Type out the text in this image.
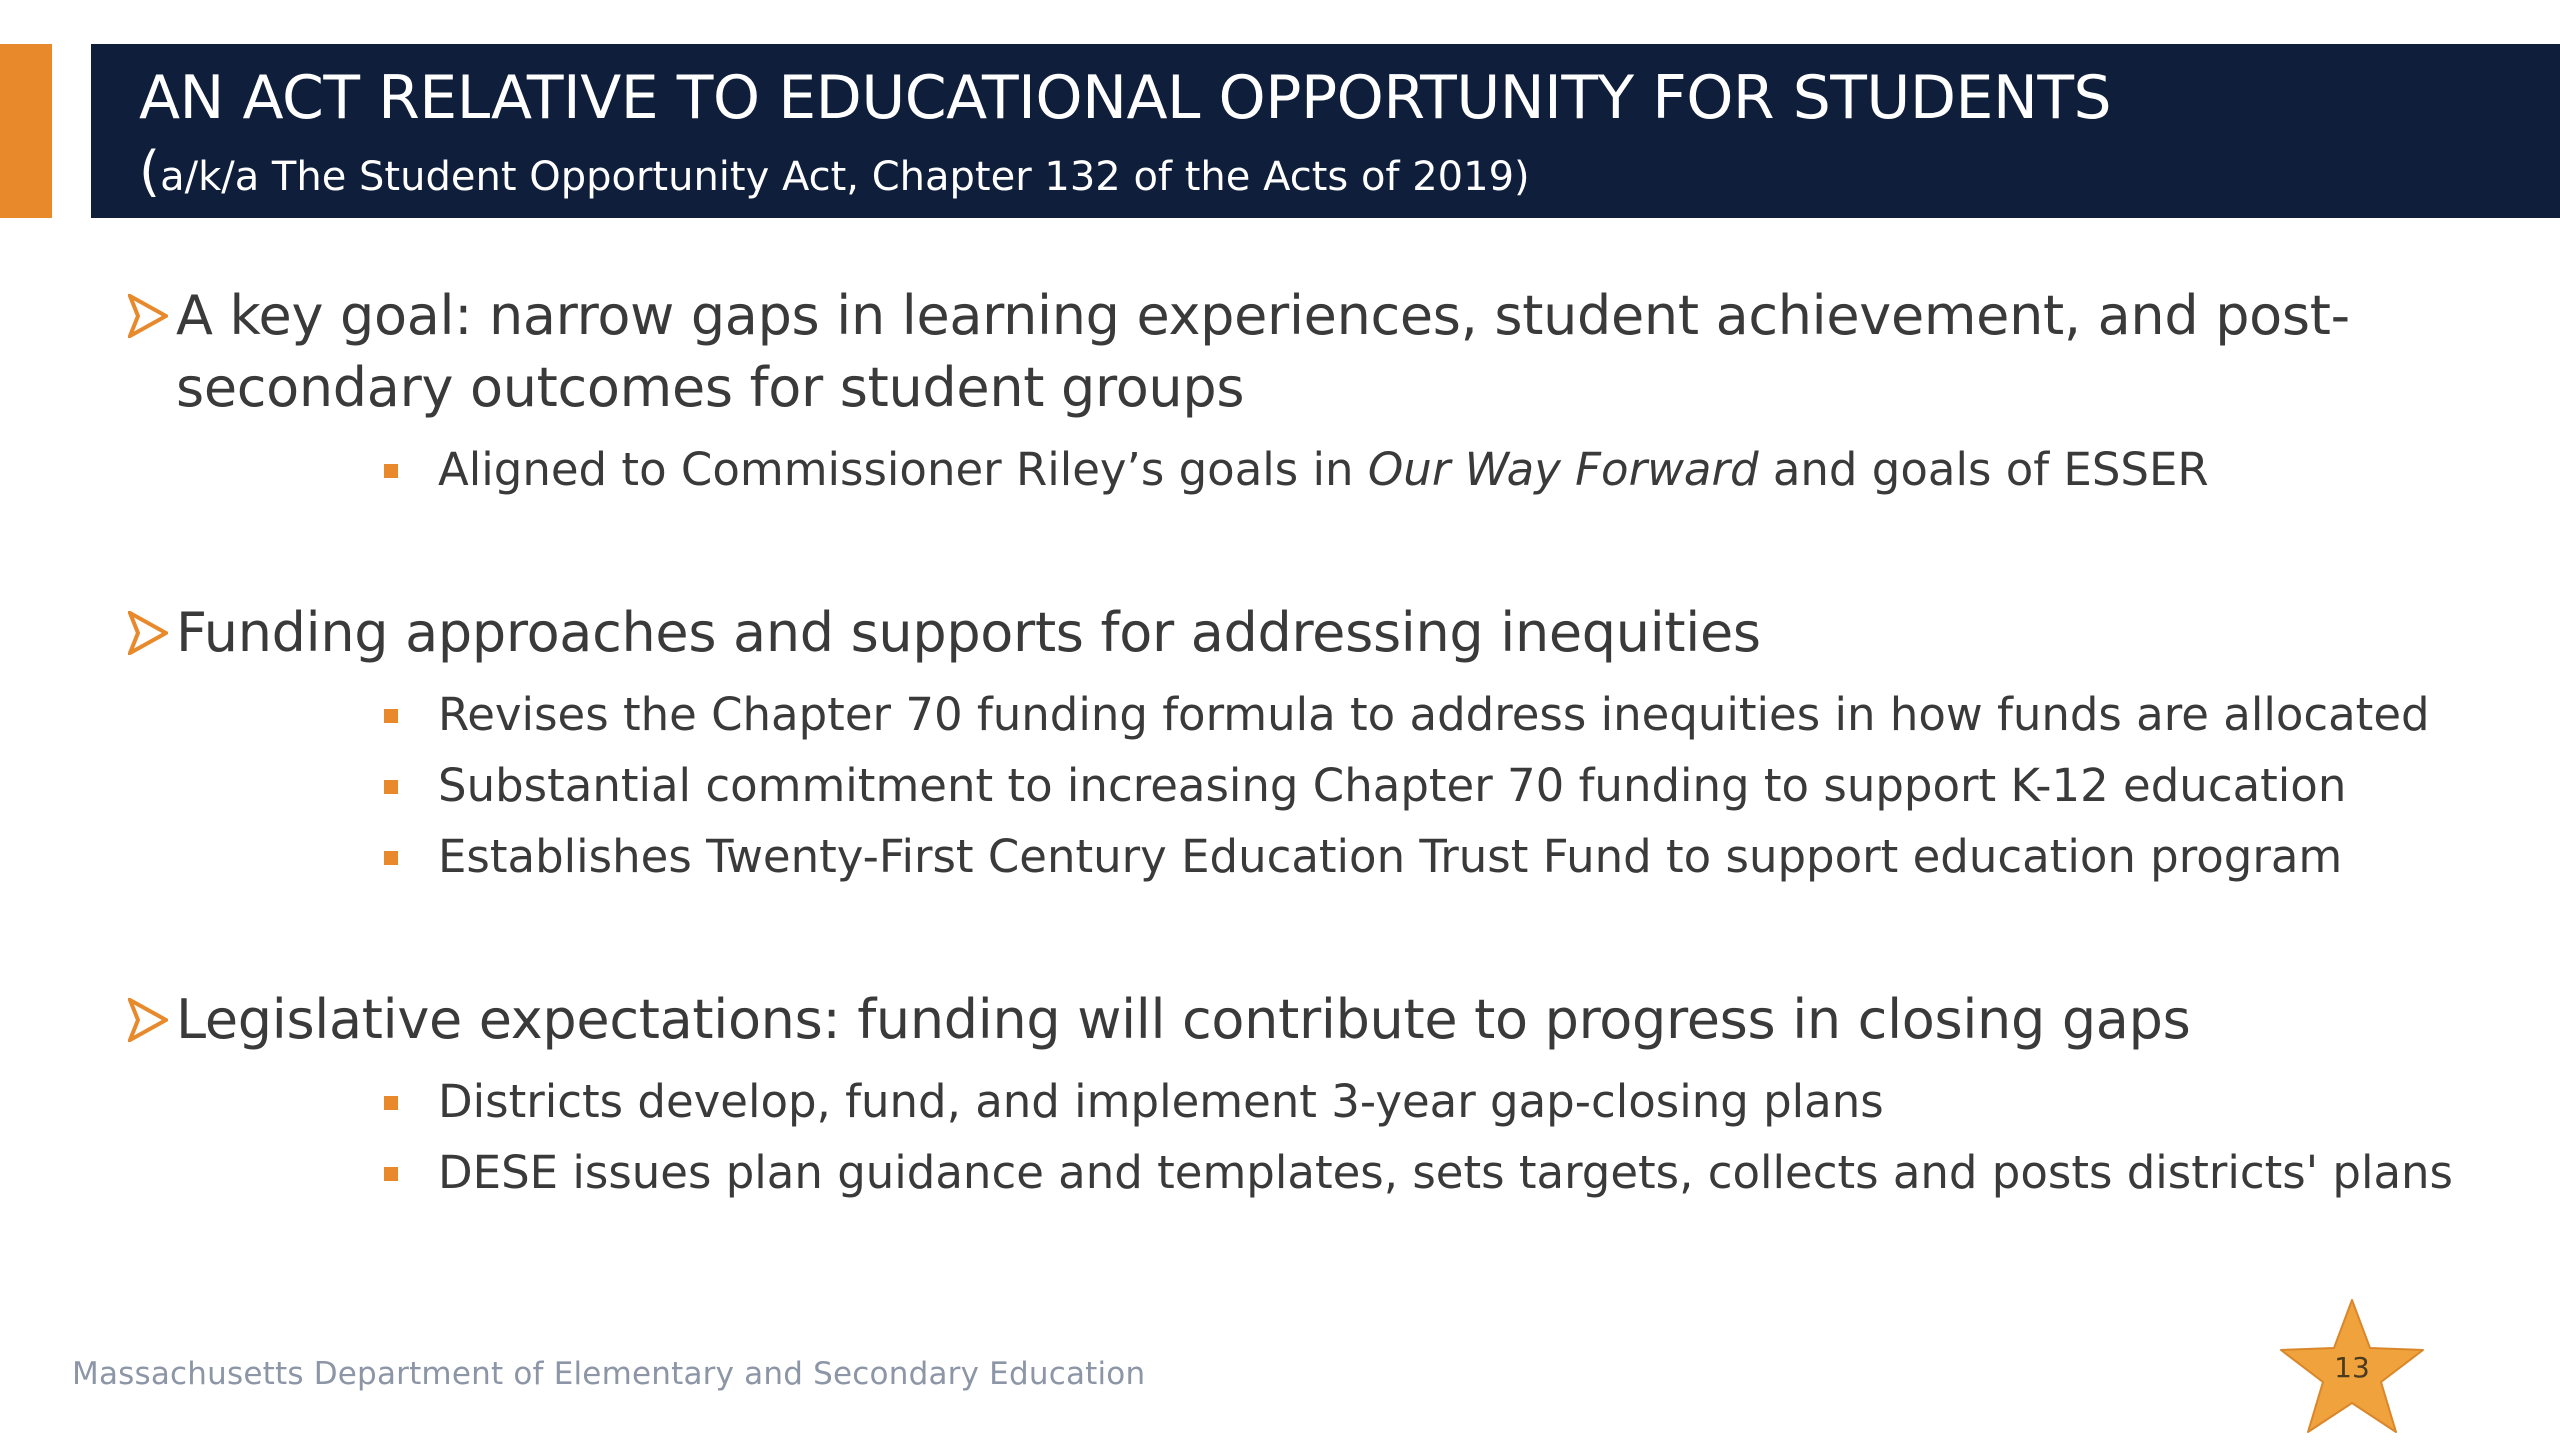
AN ACT RELATIVE TO EDUCATIONAL OPPORTUNITY FOR STUDENTS
(a/k/a The Student Opportunity Act, Chapter 132 of the Acts of 2019)
A key goal: narrow gaps in learning experiences, student achievement, and post-secondary outcomes for student groups
Aligned to Commissioner Riley’s goals in Our Way Forward and goals of ESSER
Funding approaches and supports for addressing inequities
Revises the Chapter 70 funding formula to address inequities in how funds are allocated
Substantial commitment to increasing Chapter 70 funding to support K-12 education
Establishes Twenty-First Century Education Trust Fund to support education program
Legislative expectations: funding will contribute to progress in closing gaps
Districts develop, fund, and implement 3-year gap-closing plans
DESE issues plan guidance and templates, sets targets, collects and posts districts' plans
Massachusetts Department of Elementary and Secondary Education	13
